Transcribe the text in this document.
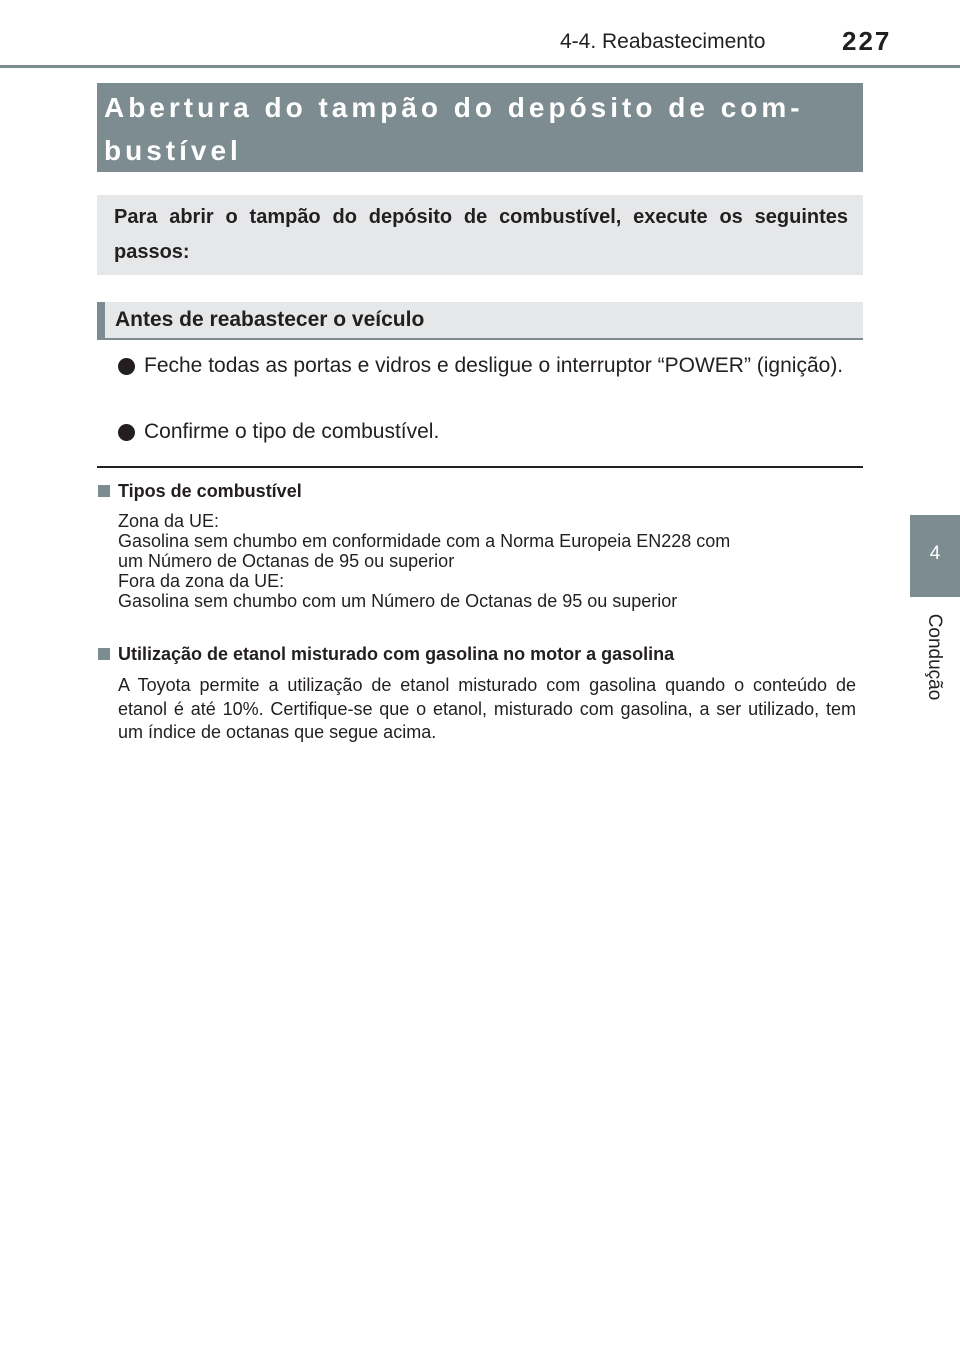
4-4. Reabastecimento	227
4
Condução
Abertura do tampão do depósito de com-
bustível
Para abrir o tampão do depósito de combustível, execute os seguintes passos:
Antes de reabastecer o veículo
Feche todas as portas e vidros e desligue o interruptor “POWER” (ignição).
Confirme o tipo de combustível.
Tipos de combustível
Zona da UE:
Gasolina sem chumbo em conformidade com a Norma Europeia EN228 com
um Número de Octanas de 95 ou superior
Fora da zona da UE:
Gasolina sem chumbo com um Número de Octanas de 95 ou superior
Utilização de etanol misturado com gasolina no motor a gasolina
A Toyota permite a utilização de etanol misturado com gasolina quando o conteúdo de etanol é até 10%. Certifique-se que o etanol, misturado com gasolina, a ser utilizado, tem um índice de octanas que segue acima.
